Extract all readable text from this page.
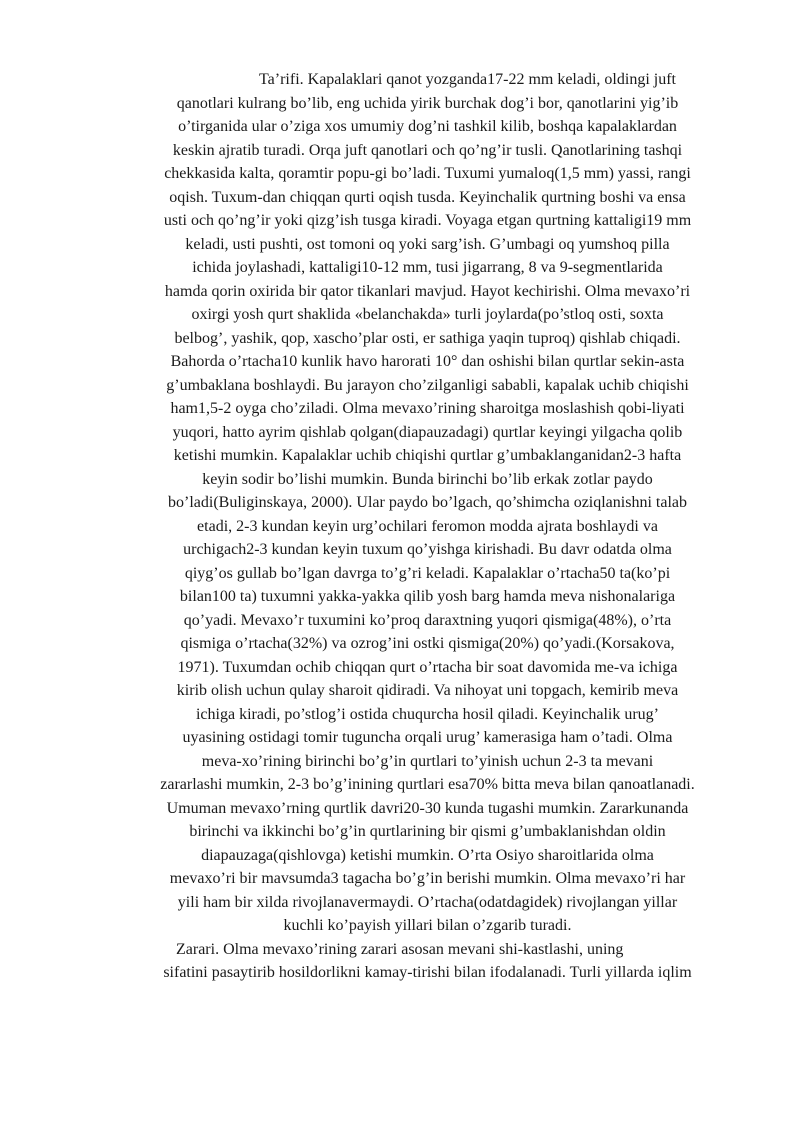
Ta’rifi. Kapalaklari qanot yozganda17-22 mm keladi, oldingi juft
qanotlari kulrang bo’lib, eng uchida yirik burchak dog’i bor, qanotlarini yig’ib
o’tirganida ular o’ziga xos umumiy dog’ni tashkil kilib, boshqa kapalaklardan
keskin ajratib turadi. Orqa juft qanotlari och qo’ng’ir tusli. Qanotlarining tashqi
chekkasida kalta, qoramtir popu-gi bo’ladi. Tuxumi yumaloq(1,5 mm) yassi, rangi
oqish. Tuxum-dan chiqqan qurti oqish tusda. Keyinchalik qurtning boshi va ensa
usti och qo’ng’ir yoki qizg’ish tusga kiradi. Voyaga etgan qurtning kattaligi19 mm
keladi, usti pushti, ost tomoni oq yoki sarg’ish. G’umbagi oq yumshoq pilla
ichida joylashadi, kattaligi10-12 mm, tusi jigarrang, 8 va 9-segmentlarida
hamda qorin oxirida bir qator tikanlari mavjud. Hayot kechirishi. Olma mevaxo’ri
oxirgi yosh qurt shaklida «belanchakda» turli joylarda(po’stloq osti, soxta
belbog’, yashik, qop, xascho’plar osti, er sathiga yaqin tuproq) qishlab chiqadi.
Bahorda o’rtacha10 kunlik havo harorati 10° dan oshishi bilan qurtlar sekin-asta
g’umbaklana boshlaydi. Bu jarayon cho’zilganligi sababli, kapalak uchib chiqishi
ham1,5-2 oyga cho’ziladi. Olma mevaxo’rining sharoitga moslashish qobi-liyati
yuqori, hatto ayrim qishlab qolgan(diapauzadagi) qurtlar keyingi yilgacha qolib
ketishi mumkin. Kapalaklar uchib chiqishi qurtlar g’umbaklanganidan2-3 hafta
keyin sodir bo’lishi mumkin. Bunda birinchi bo’lib erkak zotlar paydo
bo’ladi(Buliginskaya, 2000). Ular paydo bo’lgach, qo’shimcha oziqlanishni talab
etadi, 2-3 kundan keyin urg’ochilari feromon modda ajrata boshlaydi va
urchigach2-3 kundan keyin tuxum qo’yishga kirishadi. Bu davr odatda olma
qiyg’os gullab bo’lgan davrga to’g’ri keladi. Kapalaklar o’rtacha50 ta(ko’pi
bilan100 ta) tuxumni yakka-yakka qilib yosh barg hamda meva nishonalariga
qo’yadi. Mevaxo’r tuxumini ko’proq daraxtning yuqori qismiga(48%), o’rta
qismiga o’rtacha(32%) va ozrog’ini ostki qismiga(20%) qo’yadi.(Korsakova,
1971). Tuxumdan ochib chiqqan qurt o’rtacha bir soat davomida me-va ichiga
kirib olish uchun qulay sharoit qidiradi. Va nihoyat uni topgach, kemirib meva
ichiga kiradi, po’stlog’i ostida chuqurcha hosil qiladi. Keyinchalik urug’
uyasining ostidagi tomir tuguncha orqali urug’ kamerasiga ham o’tadi. Olma
meva-xo’rining birinchi bo’g’in qurtlari to’yinish uchun 2-3 ta mevani
zararlashi mumkin, 2-3 bo’g’inining qurtlari esa70% bitta meva bilan qanoatlanadi.
Umuman mevaxo’rning qurtlik davri20-30 kunda tugashi mumkin. Zararkunanda
birinchi va ikkinchi bo’g’in qurtlarining bir qismi g’umbaklanishdan oldin
diapauzaga(qishlovga) ketishi mumkin. O’rta Osiyo sharoitlarida olma
mevaxo’ri bir mavsumda3 tagacha bo’g’in berishi mumkin. Olma mevaxo’ri har
yili ham bir xilda rivojlanavermaydi. O’rtacha(odatdagidek) rivojlangan yillar
kuchli ko’payish yillari bilan o’zgarib turadi.
Zarari. Olma mevaxo’rining zarari asosan mevani shi-kastlashi, uning
sifatini pasaytirib hosildorlikni kamay-tirishi bilan ifodalanadi. Turli yillarda iqlim
